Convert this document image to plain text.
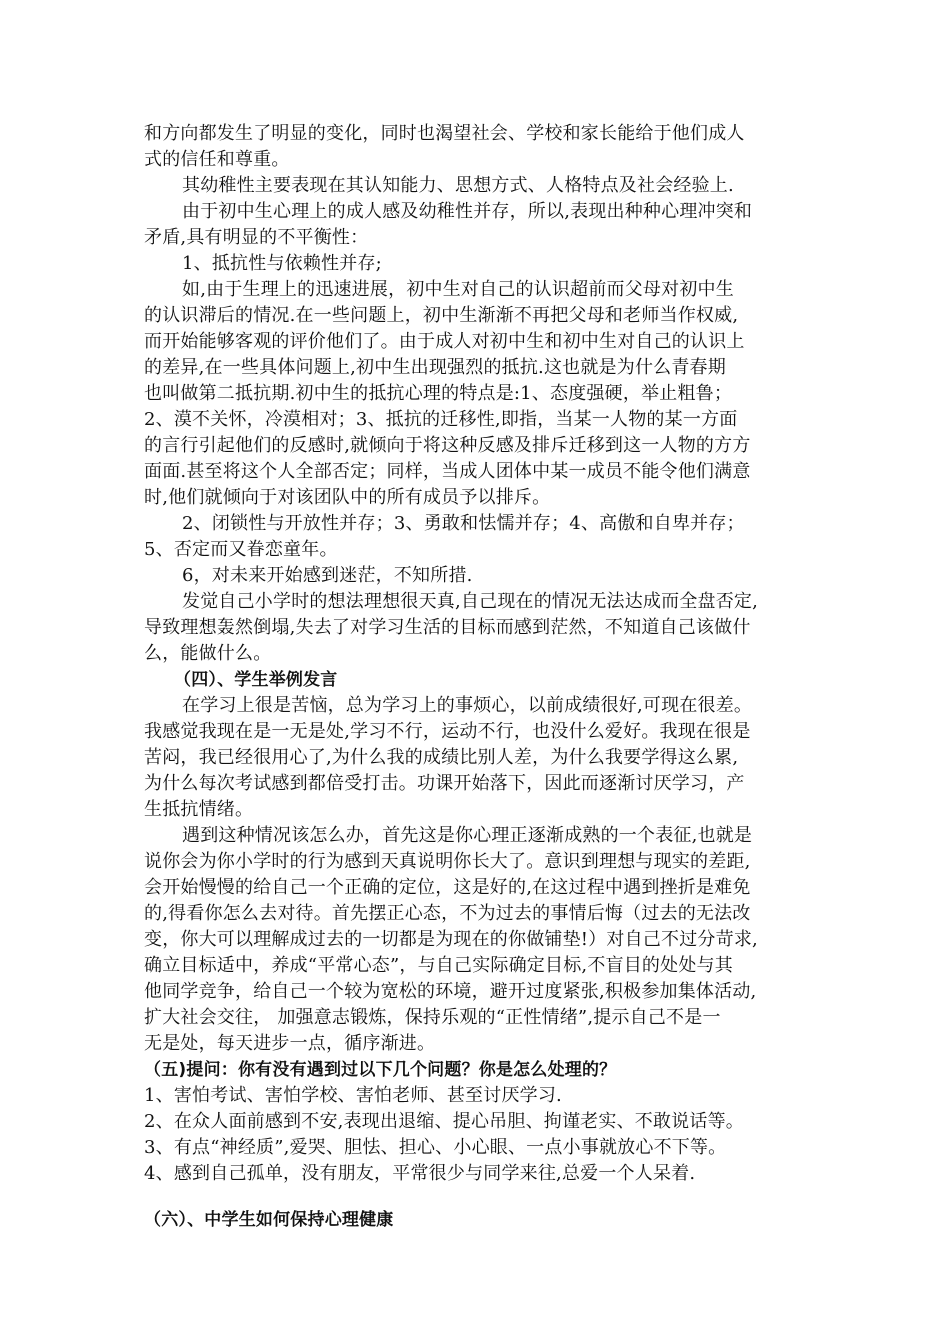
和方向都发生了明显的变化，同时也渴望社会、学校和家长能给于他们成人
式的信任和尊重。
其幼稚性主要表现在其认知能力、思想方式、人格特点及社会经验上.
由于初中生心理上的成人感及幼稚性并存，所以,表现出种种心理冲突和
矛盾,具有明显的不平衡性：
1、抵抗性与依赖性并存;
如,由于生理上的迅速进展，初中生对自己的认识超前而父母对初中生
的认识滞后的情况.在一些问题上，初中生渐渐不再把父母和老师当作权威,
而开始能够客观的评价他们了。由于成人对初中生和初中生对自己的认识上
的差异,在一些具体问题上,初中生出现强烈的抵抗.这也就是为什么青春期
也叫做第二抵抗期.初中生的抵抗心理的特点是:1、态度强硬，举止粗鲁；
2、漠不关怀，冷漠相对；3、抵抗的迁移性,即指，当某一人物的某一方面
的言行引起他们的反感时,就倾向于将这种反感及排斥迁移到这一人物的方方
面面.甚至将这个人全部否定；同样，当成人团体中某一成员不能令他们满意
时,他们就倾向于对该团队中的所有成员予以排斥。
2、闭锁性与开放性并存；3、勇敢和怯懦并存；4、高傲和自卑并存；
5、否定而又眷恋童年。
6，对未来开始感到迷茫，不知所措.
发觉自己小学时的想法理想很天真,自己现在的情况无法达成而全盘否定,
导致理想轰然倒塌,失去了对学习生活的目标而感到茫然，不知道自己该做什
么，能做什么。
（四）、学生举例发言
在学习上很是苦恼，总为学习上的事烦心，以前成绩很好,可现在很差。
我感觉我现在是一无是处,学习不行，运动不行，也没什么爱好。我现在很是
苦闷，我已经很用心了,为什么我的成绩比别人差，为什么我要学得这么累,
为什么每次考试感到都倍受打击。功课开始落下，因此而逐渐讨厌学习，产
生抵抗情绪。
遇到这种情况该怎么办，首先这是你心理正逐渐成熟的一个表征,也就是
说你会为你小学时的行为感到天真说明你长大了。意识到理想与现实的差距,
会开始慢慢的给自己一个正确的定位，这是好的,在这过程中遇到挫折是难免
的,得看你怎么去对待。首先摆正心态，不为过去的事情后悔（过去的无法改
变，你大可以理解成过去的一切都是为现在的你做铺垫!）对自己不过分苛求,
确立目标适中，养成“平常心态”，与自己实际确定目标,不盲目的处处与其
他同学竞争，给自己一个较为宽松的环境，避开过度紧张,积极参加集体活动,
扩大社会交往， 加强意志锻炼，保持乐观的“正性情绪”,提示自己不是一
无是处，每天进步一点，循序渐进。
（五)提问：你有没有遇到过以下几个问题？你是怎么处理的？
1、害怕考试、害怕学校、害怕老师、甚至讨厌学习.
2、在众人面前感到不安,表现出退缩、提心吊胆、拘谨老实、不敢说话等。
3、有点“神经质”,爱哭、胆怯、担心、小心眼、一点小事就放心不下等。
4、感到自己孤单，没有朋友，平常很少与同学来往,总爱一个人呆着.
（六）、中学生如何保持心理健康
